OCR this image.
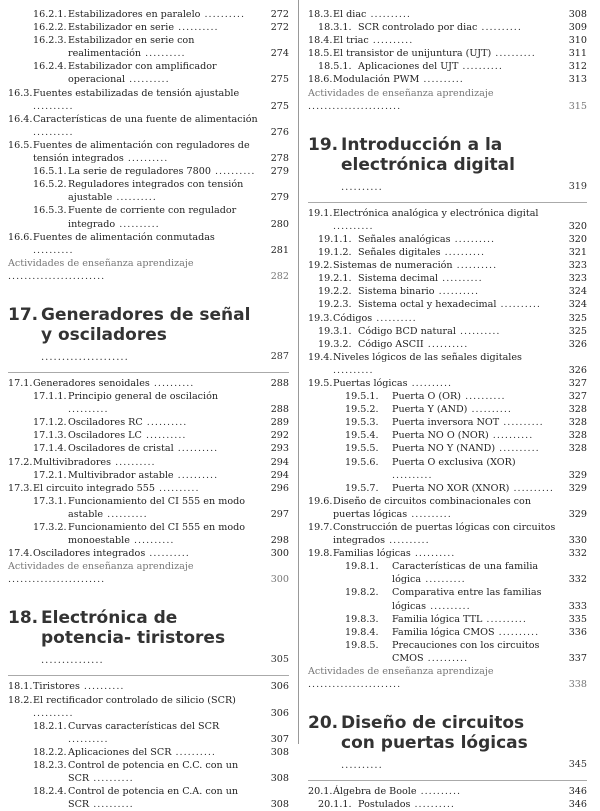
16.2.1. Estabilizadores en paralelo ..........	272
16.2.2. Estabilizador en serie ..........	272
16.2.3. Estabilizador en serie con realimentación ..........	274
16.2.4. Estabilizador con amplificador operacional ..........	275
16.3. Fuentes estabilizadas de tensión ajustable ..........	275
16.4. Características de una fuente de alimentación ..........	276
16.5. Fuentes de alimentación con reguladores de tensión integrados ..........	278
16.5.1. La serie de reguladores 7800 ..........	279
16.5.2. Reguladores integrados con tensión ajustable ..........	279
16.5.3. Fuente de corriente con regulador integrado ..........	280
16.6. Fuentes de alimentación conmutadas ..........	281
Actividades de enseñanza aprendizaje ........................	282
17. Generadores de señal y osciladores .....................	287
17.1. Generadores senoidales ..........	288
17.1.1. Principio general de oscilación ..........	288
17.1.2. Osciladores RC ..........	289
17.1.3. Osciladores LC ..........	292
17.1.4. Osciladores de cristal ..........	293
17.2. Multivibradores ..........	294
17.2.1. Multivibrador astable ..........	294
17.3. El circuito integrado 555 ..........	296
17.3.1. Funcionamiento del CI 555 en modo astable ..........	297
17.3.2. Funcionamiento del CI 555 en modo monoestable ..........	298
17.4. Osciladores integrados ..........	300
Actividades de enseñanza aprendizaje ........................	300
18. Electrónica de potencia- tiristores ...............	305
18.1. Tiristores ..........	306
18.2. El rectificador controlado de silicio (SCR) ..........	306
18.2.1. Curvas características del SCR ..........	307
18.2.2. Aplicaciones del SCR ..........	308
18.2.3. Control de potencia en C.C. con un SCR ..........	308
18.2.4. Control de potencia en C.A. con un SCR ..........	308
18.3. El diac ..........	308
18.3.1. SCR controlado por diac ..........	309
18.4. El triac ..........	310
18.5. El transistor de unijuntura (UJT) ..........	311
18.5.1. Aplicaciones del UJT ..........	312
18.6. Modulación PWM ..........	313
Actividades de enseñanza aprendizaje .......................	315
19. Introducción a la electrónica digital ..........	319
19.1. Electrónica analógica y electrónica digital ..........	320
19.1.1. Señales analógicas ..........	320
19.1.2. Señales digitales ..........	321
19.2. Sistemas de numeración ..........	323
19.2.1. Sistema decimal ..........	323
19.2.2. Sistema binario ..........	324
19.2.3. Sistema octal y hexadecimal ..........	324
19.3. Códigos ..........	325
19.3.1. Código BCD natural ..........	325
19.3.2. Código ASCII ..........	326
19.4. Niveles lógicos de las señales digitales ..........	326
19.5. Puertas lógicas ..........	327
19.5.1.	Puerta O (OR) ..........	327
19.5.2.	Puerta Y (AND) ..........	328
19.5.3.	Puerta inversora NOT ..........	328
19.5.4.	Puerta NO O (NOR) ..........	328
19.5.5.	Puerta NO Y (NAND) ..........	328
19.5.6.	Puerta O exclusiva (XOR) ..........	329
19.5.7.	Puerta NO XOR (XNOR) ..........	329
19.6. Diseño de circuitos combinacionales con puertas lógicas ..........	329
19.7. Construcción de puertas lógicas con circuitos integrados ..........	330
19.8. Familias lógicas ..........	332
19.8.1.	Características de una familia lógica ..........	332
19.8.2.	Comparativa entre las familias lógicas ..........	333
19.8.3.	Familia lógica TTL ..........	335
19.8.4.	Familia lógica CMOS ..........	336
19.8.5.	Precauciones con los circuitos CMOS ..........	337
Actividades de enseñanza aprendizaje .......................	338
20. Diseño de circuitos con puertas lógicas ..........	345
20.1. Álgebra de Boole ..........	346
20.1.1. Postulados ..........	346
